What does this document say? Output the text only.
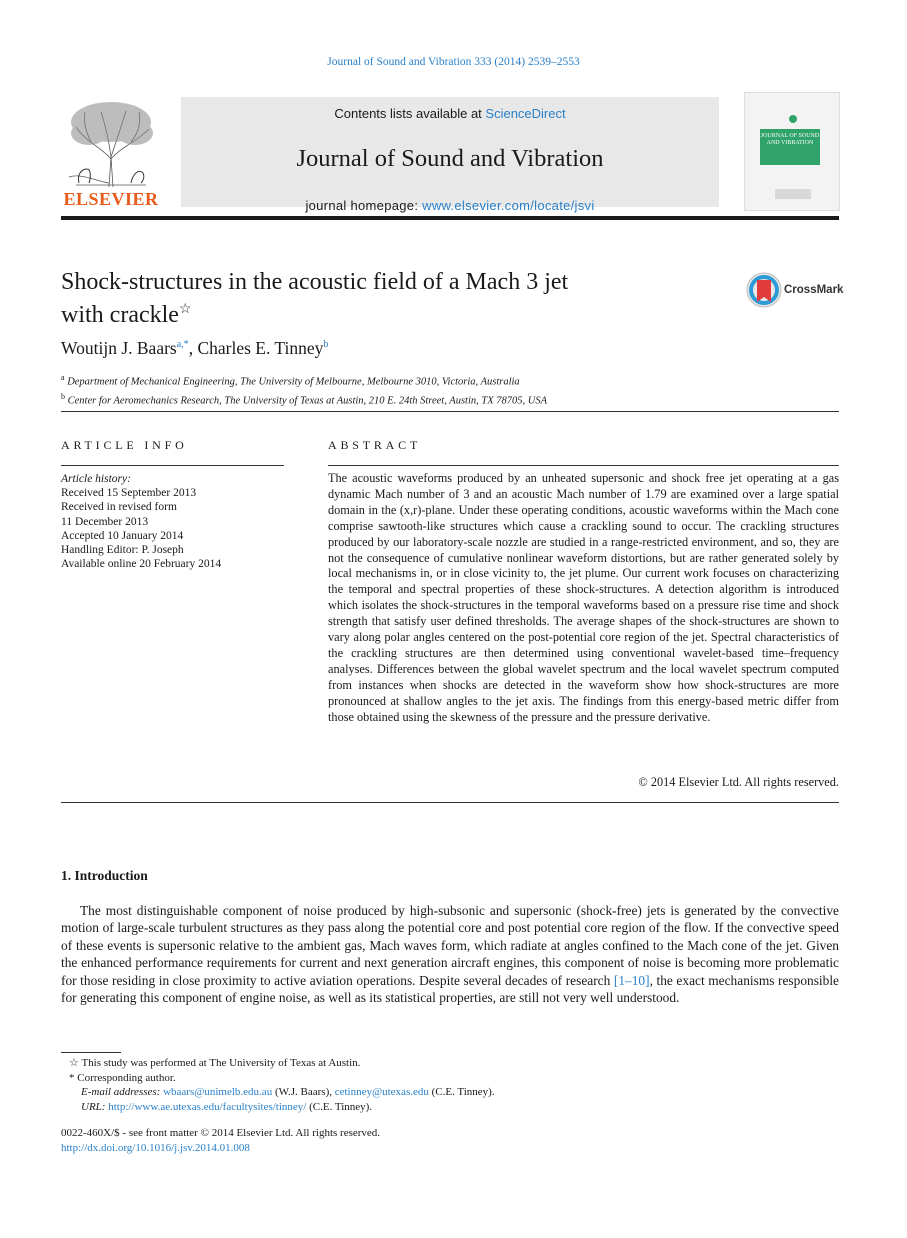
Journal of Sound and Vibration 333 (2014) 2539–2553
ELSEVIER
Contents lists available at ScienceDirect
Journal of Sound and Vibration
journal homepage: www.elsevier.com/locate/jsvi
JOURNAL OF SOUND AND VIBRATION
Shock-structures in the acoustic field of a Mach 3 jet
with crackle☆
CrossMark
Woutijn J. Baars$^{a,*}$, Charles E. Tinney$^b$
$^a$ Department of Mechanical Engineering, The University of Melbourne, Melbourne 3010, Victoria, Australia
$^b$ Center for Aeromechanics Research, The University of Texas at Austin, 210 E. 24th Street, Austin, TX 78705, USA
ARTICLE INFO	ABSTRACT
Article history:
Received 15 September 2013
Received in revised form
11 December 2013
Accepted 10 January 2014
Handling Editor: P. Joseph
Available online 20 February 2014
The acoustic waveforms produced by an unheated supersonic and shock free jet operating at a gas dynamic Mach number of 3 and an acoustic Mach number of 1.79 are examined over a large spatial domain in the (x,r)-plane. Under these operating conditions, acoustic waveforms within the Mach cone comprise sawtooth-like structures which cause a crackling sound to occur. The crackling structures produced by our laboratory-scale nozzle are studied in a range-restricted environment, and so, they are not the consequence of cumulative nonlinear waveform distortions, but are rather generated solely by local mechanisms in, or in close vicinity to, the jet plume. Our current work focuses on characterizing the temporal and spectral properties of these shock-structures. A detection algorithm is introduced which isolates the shock-structures in the temporal waveforms based on a pressure rise time and shock strength that satisfy user defined thresholds. The average shapes of the shock-structures are shown to vary along polar angles centered on the post-potential core region of the jet. Spectral characteristics of the crackling structures are then determined using conventional wavelet-based time–frequency analyses. Differences between the global wavelet spectrum and the local wavelet spectrum computed from instances when shocks are detected in the waveform show how shock-structures are more pronounced at shallow angles to the jet axis. The findings from this energy-based metric differ from those obtained using the skewness of the pressure and the pressure derivative.
© 2014 Elsevier Ltd. All rights reserved.
1. Introduction
The most distinguishable component of noise produced by high-subsonic and supersonic (shock-free) jets is generated by the convective motion of large-scale turbulent structures as they pass along the potential core and post potential core region of the flow. If the convective speed of these events is supersonic relative to the ambient gas, Mach waves form, which radiate at angles confined to the Mach cone of the jet. Given the enhanced performance requirements for current and next generation aircraft engines, this component of noise is becoming more problematic for those residing in close proximity to active aviation operations. Despite several decades of research [1–10], the exact mechanisms responsible for generating this component of engine noise, as well as its statistical properties, are still not very well understood.
☆ This study was performed at The University of Texas at Austin.
* Corresponding author.
E-mail addresses: wbaars@unimelb.edu.au (W.J. Baars), cetinney@utexas.edu (C.E. Tinney).
URL: http://www.ae.utexas.edu/facultysites/tinney/ (C.E. Tinney).
0022-460X/$ - see front matter © 2014 Elsevier Ltd. All rights reserved.
http://dx.doi.org/10.1016/j.jsv.2014.01.008
